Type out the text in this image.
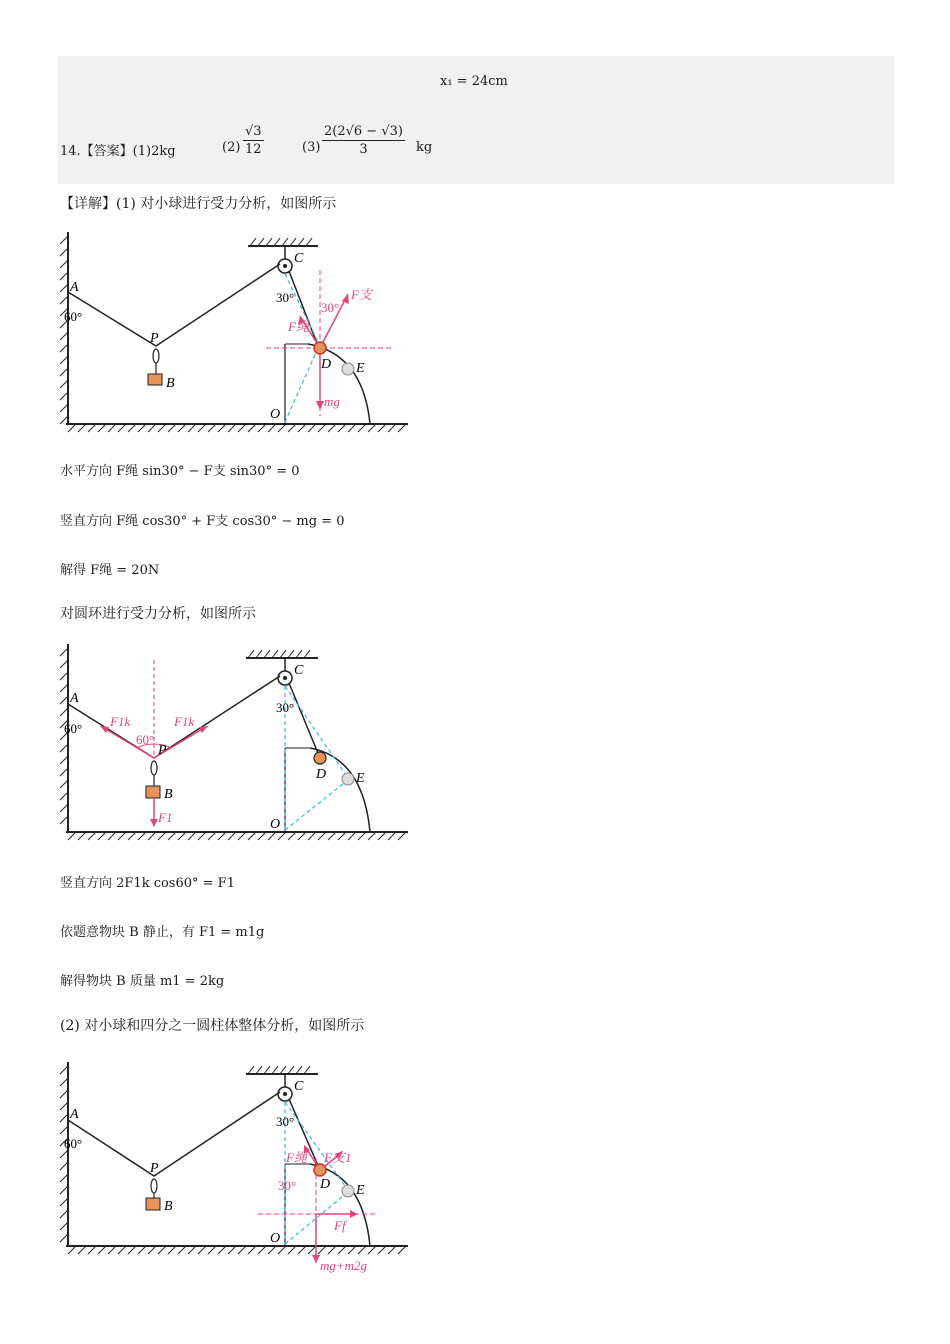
x₁ = 24cm
14.【答案】(1)2kg	$(2) \frac{√3}{12}$	$(3) \frac{2(2√6 - √3)}{3}$ kg
【详解】(1) 对小球进行受力分析，如图所示
A
60°
P
B
C
30°
30°
F支
F绳
D E
O
mg
水平方向 F绳 sin30° − F支 sin30° = 0
竖直方向 F绳 cos30° + F支 cos30° − mg = 0
解得 F绳 = 20N
对圆环进行受力分析，如图所示
A
60° F1k	F1k
60°
P
B
F1
C
30°
D E
O
竖直方向 2F1k cos60° = F1
依题意物块 B 静止，有 F1 = m1g
解得物块 B 质量 m1 = 2kg
(2) 对小球和四分之一圆柱体整体分析，如图所示
A
60°
P
B
C
30°
F绳 F支1
30° D E
Ff
O
mg+m2g
